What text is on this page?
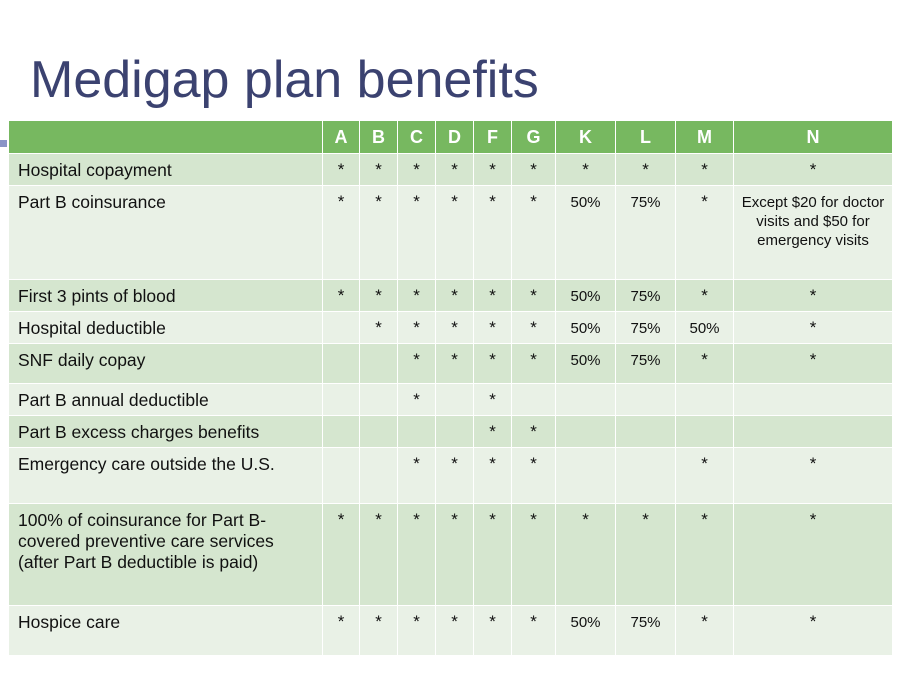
Medigap plan benefits
	A	B	C	D	F	G	K	L	M	N
Hospital copayment	*	*	*	*	*	*	*	*	*	*
Part B coinsurance	*	*	*	*	*	*	50%	75%	*	Except $20 for doctor visits and $50 for emergency visits
First 3 pints of blood	*	*	*	*	*	*	50%	75%	*	*
Hospital deductible		*	*	*	*	*	50%	75%	50%	*
SNF daily copay			*	*	*	*	50%	75%	*	*
Part B annual deductible			*		*					
Part B excess charges benefits					*	*				
Emergency care outside the U.S.			*	*	*	*			*	*
100% of coinsurance for Part B-covered preventive care services (after Part B deductible is paid)	*	*	*	*	*	*	*	*	*	*
Hospice care	*	*	*	*	*	*	50%	75%	*	*
